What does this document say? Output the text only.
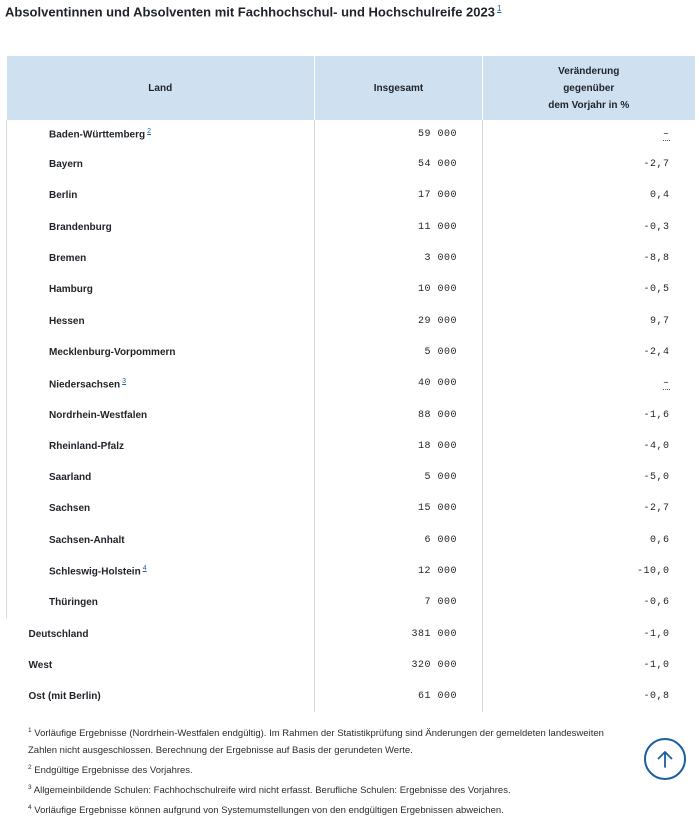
Absolventinnen und Absolventen mit Fachhochschul- und Hochschulreife 2023 $^1$
Land	Insgesamt	Veränderung
gegenüber
dem Vorjahr in %
Baden-Württemberg $^2$	59 000	–
Bayern	54 000	-2,7
Berlin	17 000	0,4
Brandenburg	11 000	-0,3
Bremen	3 000	-8,8
Hamburg	10 000	-0,5
Hessen	29 000	9,7
Mecklenburg-Vorpommern	5 000	-2,4
Niedersachsen $^3$	40 000	–
Nordrhein-Westfalen	88 000	-1,6
Rheinland-Pfalz	18 000	-4,0
Saarland	5 000	-5,0
Sachsen	15 000	-2,7
Sachsen-Anhalt	6 000	0,6
Schleswig-Holstein $^4$	12 000	-10,0
Thüringen	7 000	-0,6
Deutschland	381 000	-1,0
West	320 000	-1,0
Ost (mit Berlin)	61 000	-0,8

$^1$ Vorläufige Ergebnisse (Nordrhein-Westfalen endgültig). Im Rahmen der Statistikprüfung sind Änderungen der gemeldeten landesweiten Zahlen nicht ausgeschlossen. Berechnung der Ergebnisse auf Basis der gerundeten Werte.

$^2$ Endgültige Ergebnisse des Vorjahres.

$^3$ Allgemeinbildende Schulen: Fachhochschulreife wird nicht erfasst. Berufliche Schulen: Ergebnisse des Vorjahres.

$^4$ Vorläufige Ergebnisse können aufgrund von Systemumstellungen von den endgültigen Ergebnissen abweichen.
